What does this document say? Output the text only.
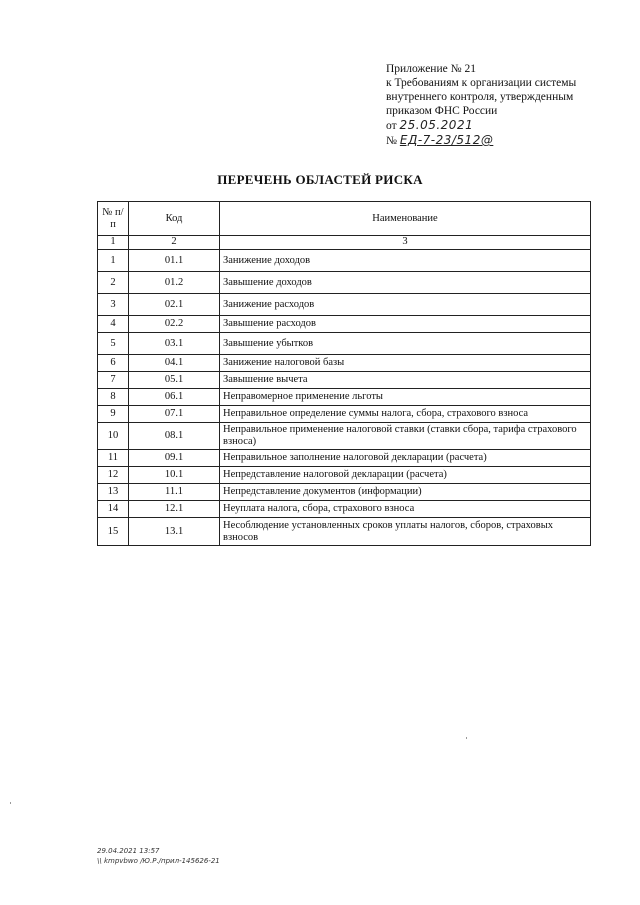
Приложение № 21
к Требованиям к организации системы
внутреннего контроля, утвержденным
приказом ФНС России
от 25.05.2021
№ ЕД-7-23/512@
ПЕРЕЧЕНЬ ОБЛАСТЕЙ РИСКА
№ п/п	Код	Наименование
1	2	3
1	01.1	Занижение доходов
2	01.2	Завышение доходов
3	02.1	Занижение расходов
4	02.2	Завышение расходов
5	03.1	Завышение убытков
6	04.1	Занижение налоговой базы
7	05.1	Завышение вычета
8	06.1	Неправомерное применение льготы
9	07.1	Неправильное определение суммы налога, сбора, страхового взноса
10	08.1	Неправильное применение налоговой ставки (ставки сбора, тарифа страхового взноса)
11	09.1	Неправильное заполнение налоговой декларации (расчета)
12	10.1	Непредставление налоговой декларации (расчета)
13	11.1	Непредставление документов (информации)
14	12.1	Неуплата налога, сбора, страхового взноса
15	13.1	Несоблюдение установленных сроков уплаты налогов, сборов, страховых взносов
29.04.2021 13:57
\\ kmpvbwo /Ю.Р./прил-145626-21
